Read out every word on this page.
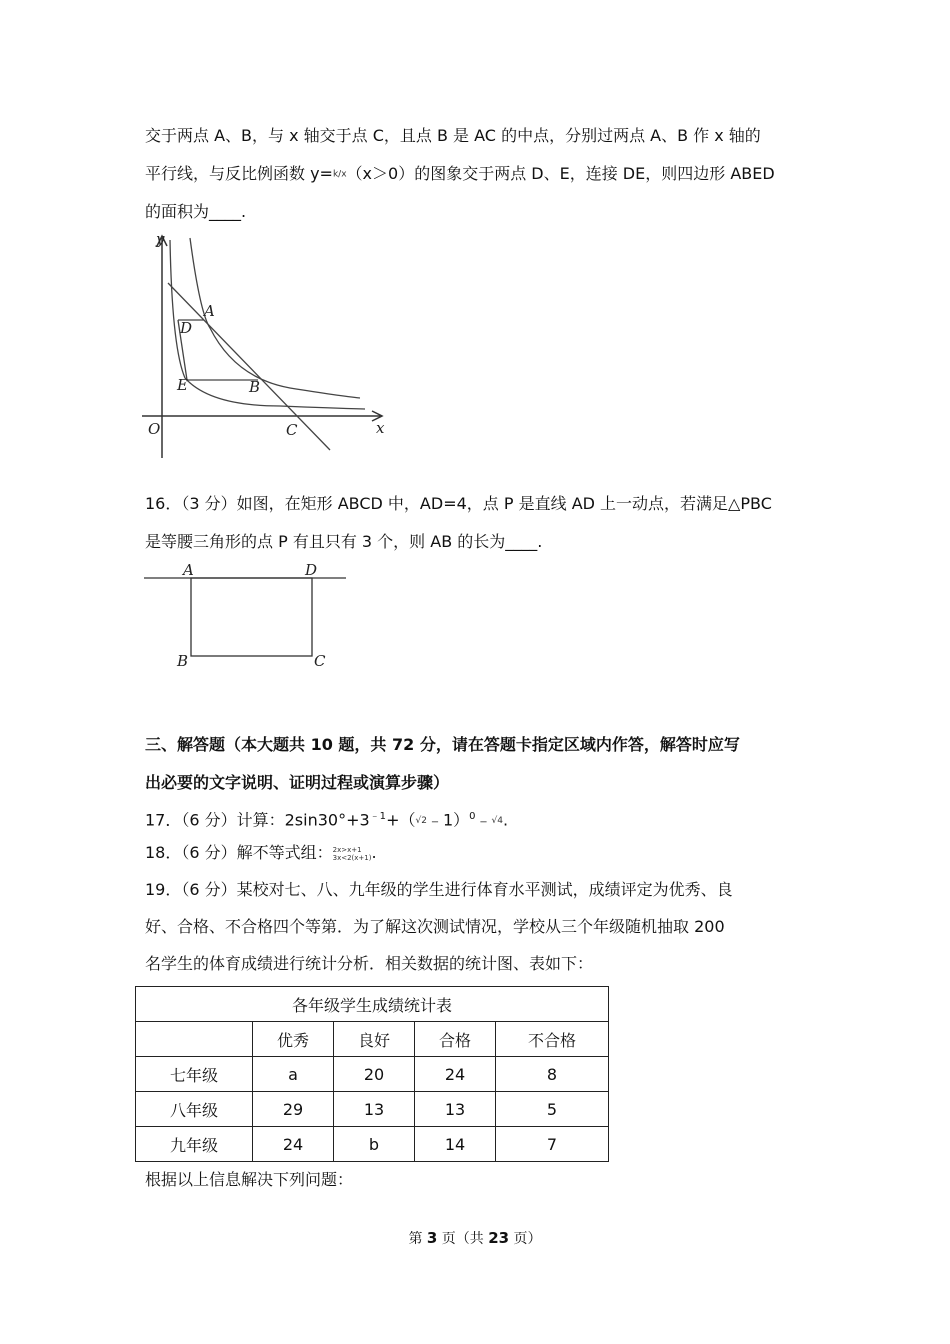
交于两点 A、B，与 x 轴交于点 C，且点 B 是 AC 的中点，分别过两点 A、B 作 x 轴的
平行线，与反比例函数 y=k/x（x＞0）的图象交于两点 D、E，连接 DE，则四边形 ABED
的面积为____.
y
A
D
E	B
O	C	x
16．（3 分）如图，在矩形 ABCD 中，AD=4，点 P 是直线 AD 上一动点，若满足△PBC
是等腰三角形的点 P 有且只有 3 个，则 AB 的长为____.
A	D
B	C
三、解答题（本大题共 10 题，共 72 分，请在答题卡指定区域内作答，解答时应写
出必要的文字说明、证明过程或演算步骤）
17．（6 分）计算：$2\sin 30^\circ+3^{﹣1}+(√2﹣1)^0﹣√4$.
18．（6 分）解不等式组： 2x>x+1
3x<2(x+1) .
19．（6 分）某校对七、八、九年级的学生进行体育水平测试，成绩评定为优秀、良
好、合格、不合格四个等第．为了解这次测试情况，学校从三个年级随机抽取 200
名学生的体育成绩进行统计分析．相关数据的统计图、表如下：
各年级学生成绩统计表				
	优秀	良好	合格	不合格
七年级	a	20	24	8
八年级	29	13	13	5
九年级	24	b	14	7
根据以上信息解决下列问题：
第 3 页（共 23 页）
